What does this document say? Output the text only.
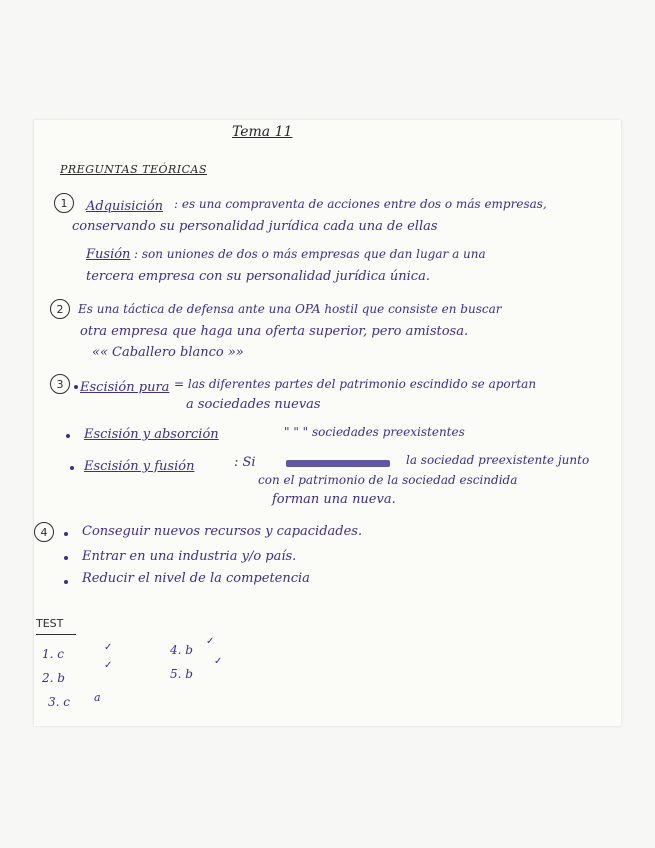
Tema 11
PREGUNTAS TEÓRICAS
1	Adquisición : es una compraventa de acciones entre dos o más empresas,
conservando su personalidad jurídica cada una de ellas
Fusión : son uniones de dos o más empresas que dan lugar a una
tercera empresa con su personalidad jurídica única.
2	Es una táctica de defensa ante una OPA hostil que consiste en buscar
otra empresa que haga una oferta superior, pero amistosa.
«« Caballero blanco »»
3	Escisión pura = las diferentes partes del patrimonio escindido se aportan
a sociedades nuevas
Escisión y absorción	" " " sociedades preexistentes
Escisión y fusión	: Si	la sociedad preexistente junto
con el patrimonio de la sociedad escindida
forman una nueva.
4	Conseguir nuevos recursos y capacidades.
Entrar en una industria y/o país.
Reducir el nivel de la competencia
TEST
1. c	✓
2. b
✓
3. c a
4. b
✓
5. b
✓
